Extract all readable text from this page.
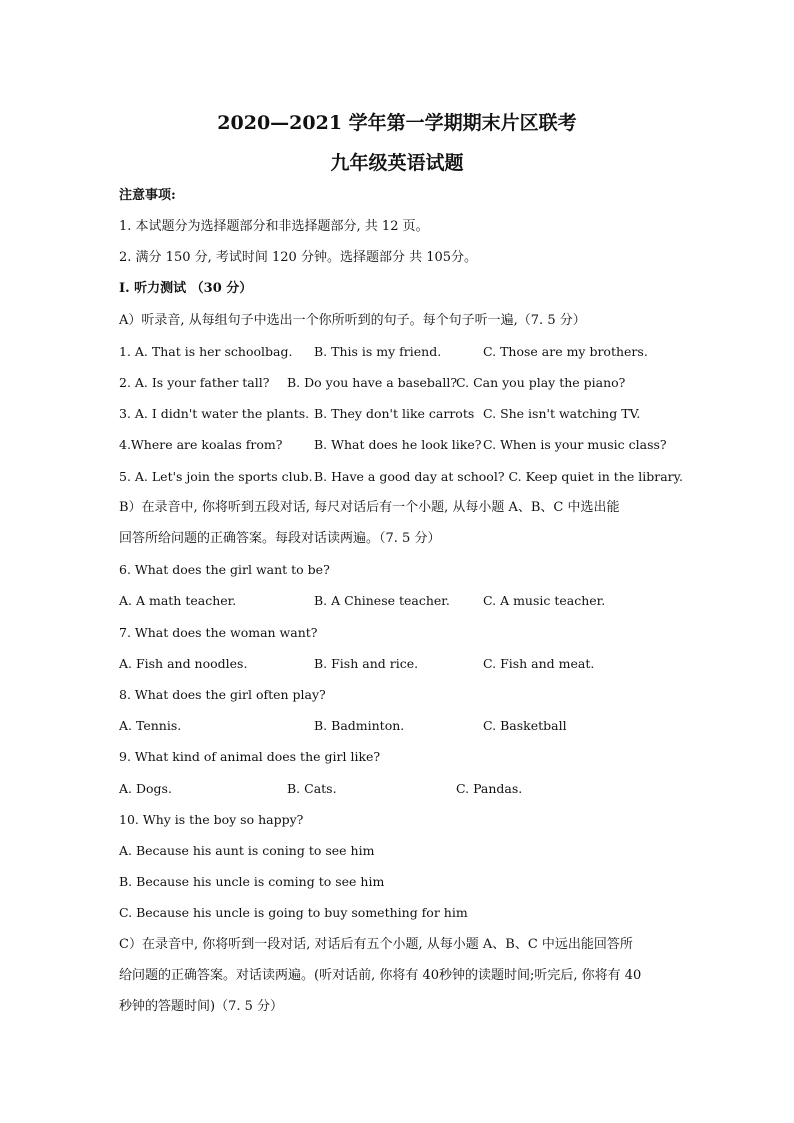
2020—2021 学年第一学期期末片区联考
九年级英语试题
注意事项:
1. 本试题分为选择题部分和非选择题部分, 共 12 页。
2. 满分 150 分, 考试时间 120 分钟。选择题部分 共 105分。
I. 听力测试 （30 分）
A）听录音, 从每组句子中选出一个你所听到的句子。每个句子听一遍,（7. 5 分）
1. A. That is her schoolbag. B. This is my friend.	C. Those are my brothers.
2. A. Is your father tall? B. Do you have a baseball?
C. Can you play the piano?
3. A. I didn't water the plants. B. They don't like carrots C. She isn't watching TV.
4.Where are koalas from?	B. What does he look like? C. When is your music class?
5. A. Let's join the sports club. B. Have a good day at school? C. Keep quiet in the library.
B）在录音中, 你将听到五段对话, 每尺对话后有一个小题, 从每小题 A、B、C 中选出能
回答所给问题的正确答案。每段对话读两遍。（7. 5 分）
6. What does the girl want to be?
A. A math teacher.	B. A Chinese teacher.	C. A music teacher.
7. What does the woman want?
A. Fish and noodles.	B. Fish and rice.	C. Fish and meat.
8. What does the girl often play?
A. Tennis.	B. Badminton.	C. Basketball
9. What kind of animal does the girl like?
A. Dogs.	B. Cats.	C. Pandas.
10. Why is the boy so happy?
A. Because his aunt is coning to see him
B. Because his uncle is coming to see him
C. Because his uncle is going to buy something for him
C）在录音中, 你将听到一段对话, 对话后有五个小题, 从每小题 A、B、C 中远出能回答所
给问题的正确答案。对话读两遍。(听对话前, 你将有 40秒钟的读题时间;听完后, 你将有 40
秒钟的答题时间)（7. 5 分）
